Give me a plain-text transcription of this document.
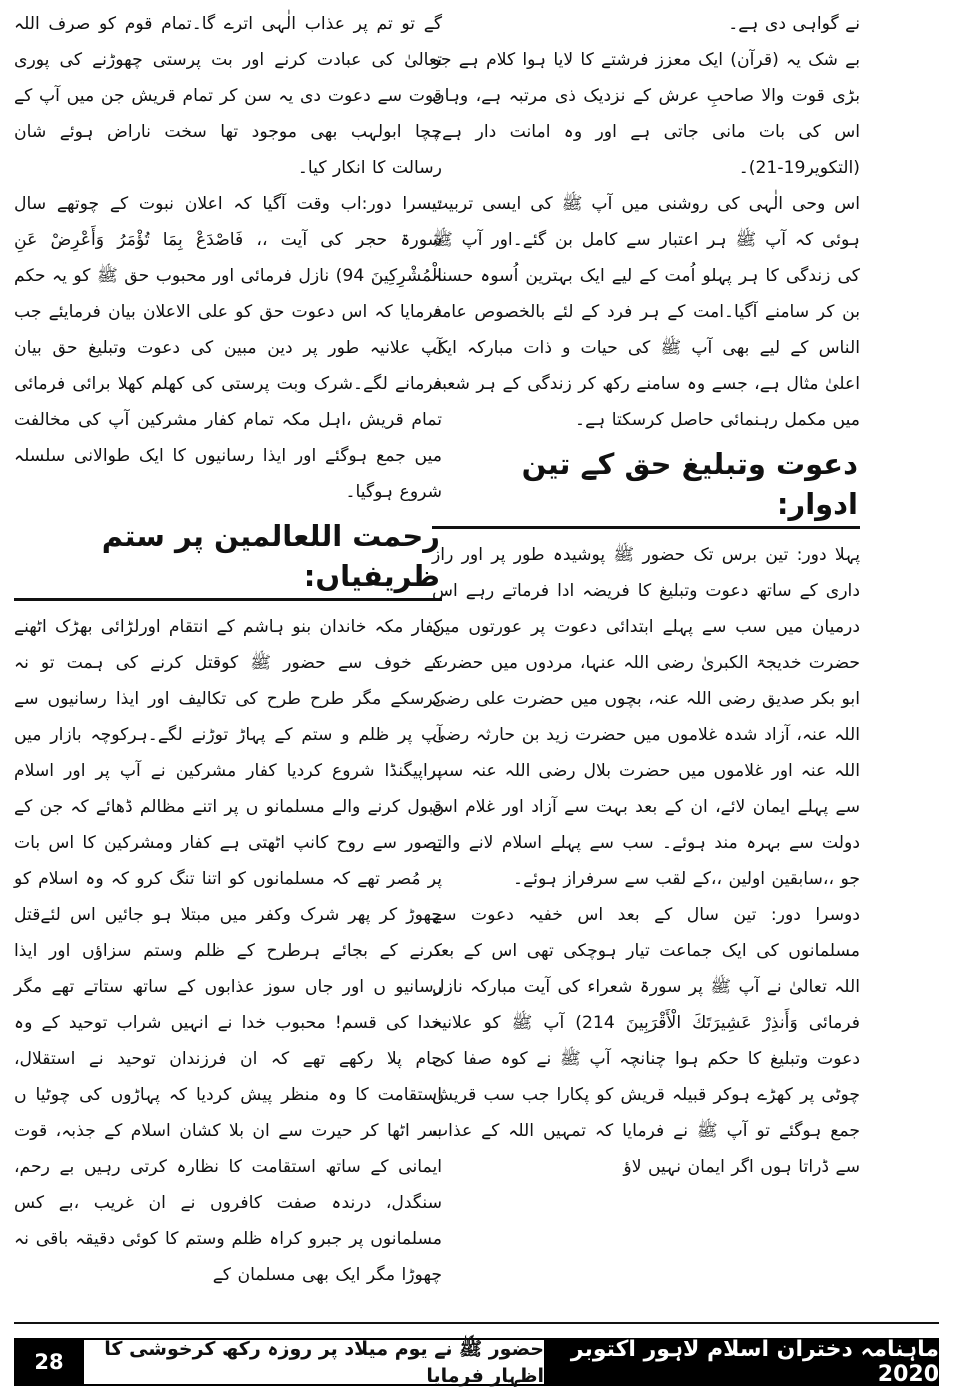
نے گواہی دی ہے۔

بے شک یہ (قرآن) ایک معزز فرشتے کا لایا ہوا کلام ہے جو بڑی قوت والا صاحبِ عرش کے نزدیک ذی مرتبہ ہے، وہاں اس کی بات مانی جاتی ہے اور وہ امانت دار ہے۔(التکویر19-21)۔

اس وحی الٰہی کی روشنی میں آپ ﷺ کی ایسی تربیت ہوئی کہ آپ ﷺ ہر اعتبار سے کامل بن گئے۔اور آپ ﷺ کی زندگی کا ہر پہلو اُمت کے لیے ایک بہترین اُسوہ حسنہ بن کر سامنے آگیا۔امت کے ہر فرد کے لئے بالخصوص عامۃ الناس کے لیے بھی آپ ﷺ کی حیات و ذات مبارکہ ایک اعلیٰ مثال ہے، جسے وہ سامنے رکھ کر زندگی کے ہر شعبہ میں مکمل رہنمائی حاصل کرسکتا ہے۔

دعوت وتبلیغ حق کے تین ادوار:

پہلا دور: تین برس تک حضور ﷺ پوشیدہ طور پر اور راز داری کے ساتھ دعوت وتبلیغ کا فریضہ ادا فرماتے رہے اس درمیان میں سب سے پہلے ابتدائی دعوت پر عورتوں میں حضرت خدیجۃ الکبریٰ رضی اللہ عنہا، مردوں میں حضرت ابو بکر صدیق رضی اللہ عنہ، بچوں میں حضرت علی رضی اللہ عنہ، آزاد شدہ غلاموں میں حضرت زید بن حارثہ رضی اللہ عنہ اور غلاموں میں حضرت بلال رضی اللہ عنہ سب سے پہلے ایمان لائے، ان کے بعد بہت سے آزاد اور غلام اس دولت سے بہرہ مند ہوئے۔ سب سے پہلے اسلام لانے والے جو ،،سابقین اولین ،،کے لقب سے سرفراز ہوئے۔

دوسرا دور: تین سال کے بعد اس خفیہ دعوت سے مسلمانوں کی ایک جماعت تیار ہوچکی تھی اس کے بعد اللہ تعالیٰ نے آپ ﷺ پر سورۃ شعراء کی آیت مبارکہ نازل فرمائی وَأَنذِرْ عَشِيرَتَكَ الْأَقْرَبِينَ 214) آپ ﷺ کو علانیہ دعوت وتبلیغ کا حکم ہوا چنانچہ آپ ﷺ نے کوہ صفا کی چوٹی پر کھڑے ہوکر قبیلہ قریش کو پکارا جب سب قریش جمع ہوگئے تو آپ ﷺ نے فرمایا کہ تمہیں اللہ کے عذاب سے ڈراتا ہوں اگر ایمان نہیں لاؤ

گے تو تم پر عذاب الٰہی اترے گا۔تمام قوم کو صرف اللہ تعالیٰ کی عبادت کرنے اور بت پرستی چھوڑنے کی پوری قوت سے دعوت دی یہ سن کر تمام قریش جن میں آپ کے چچا ابولہب بھی موجود تھا سخت ناراض ہوئے شان رسالت کا انکار کیا۔

تیسرا دور:اب وقت آگیا کہ اعلان نبوت کے چوتھے سال سورۃ حجر کی آیت ،، فَاصْدَعْ بِمَا تُؤْمَرُ وَأَعْرِضْ عَنِ الْمُشْرِكِينَ 94) نازل فرمائی اور محبوب حق ﷺ کو یہ حکم فرمایا کہ اس دعوت حق کو علی الاعلان بیان فرمایئے جب آپ علانیہ طور پر دین مبین کی دعوت وتبلیغ حق بیان فرمانے لگے۔شرک وبت پرستی کی کھلم کھلا برائی فرمائی تمام قریش ،اہل مکہ تمام کفار مشرکین آپ کی مخالفت میں جمع ہوگئے اور ایذا رسانیوں کا ایک طوالانی سلسلہ شروع ہوگیا۔

رحمت اللعالمین پر ستم ظریفیاں:

کفار مکہ خاندان بنو ہاشم کے انتقام اورلڑائی بھڑک اٹھنے کے خوف سے حضور ﷺ کوقتل کرنے کی ہمت تو نہ کرسکے مگر طرح طرح کی تکالیف اور ایذا رسانیوں سے آپ پر ظلم و ستم کے پہاڑ توڑنے لگے۔ہرکوچہ بازار میں پراپیگنڈا شروع کردیا کفار مشرکین نے آپ پر اور اسلام قبول کرنے والے مسلمانو ں پر اتنے مظالم ڈھائے کہ جن کے تصور سے روح کانپ اٹھتی ہے کفار ومشرکین کا اس بات پر مُصر تھے کہ مسلمانوں کو اتنا تنگ کرو کہ وہ اسلام کو چھوڑ کر پھر شرک وکفر میں مبتلا ہو جائیں اس لئےقتل کرنے کے بجائے ہرطرح کے ظلم وستم سزاؤں اور ایذا رسانیو ں اور جاں سوز عذابوں کے ساتھ ستاتے تھے مگر خدا کی قسم! محبوب خدا نے انہیں شراب توحید کے وہ جام پلا رکھے تھے کہ ان فرزندان توحید نے استقلال، استقامت کا وہ منظر پیش کردیا کہ پہاڑوں کی چوٹیا ں سر اٹھا کر حیرت سے ان بلا کشان اسلام کے جذبہ، قوت ایمانی کے ساتھ استقامت کا نظارہ کرتی رہیں بے رحم، سنگدل، درندہ صفت کافروں نے ان غریب ،بے کس مسلمانوں پر جبرو کراہ ظلم وستم کا کوئی دقیقہ باقی نہ چھوڑا مگر ایک بھی مسلمان کے

28
حضور ﷺ نے یوم میلاد پر روزہ رکھ کرخوشی کا اظہار فرمایا
ماہنامہ دختران اسلام لاہور اکتوبر 2020
